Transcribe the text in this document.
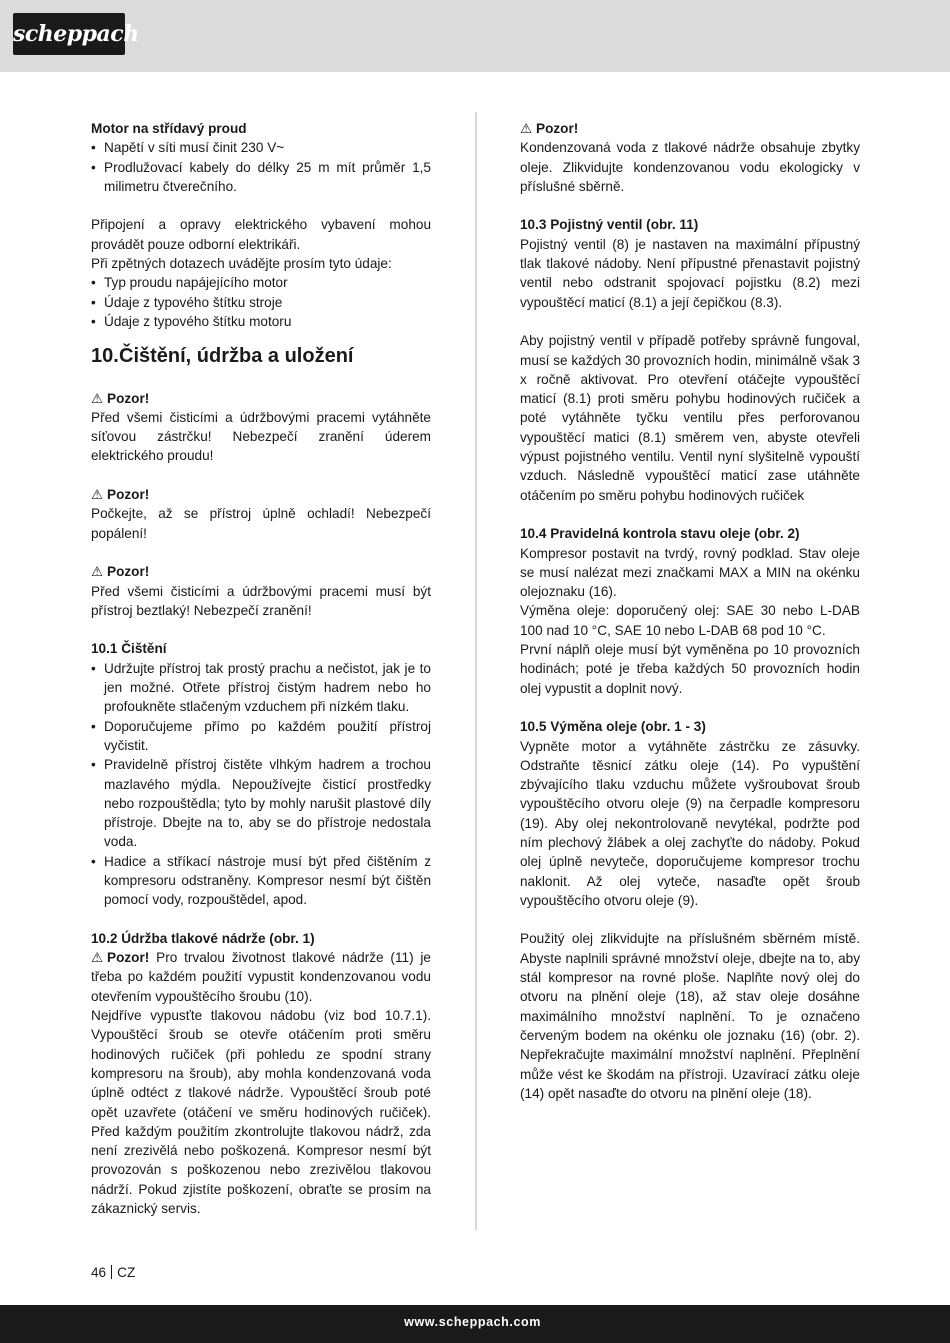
scheppach

Motor na střídavý proud

• Napětí v síti musí činit 230 V~
• Prodlužovací kabely do délky 25 m mít průměr 1,5 milimetru čtverečního.

Připojení a opravy elektrického vybavení mohou provádět pouze odborní elektrikáři.

Při zpětných dotazech uvádějte prosím tyto údaje:

• Typ proudu napájejícího motor
• Údaje z typového štítku stroje
• Údaje z typového štítku motoru
10.Čištění, údržba a uložení

⚠ Pozor!

Před všemi čisticími a údržbovými pracemi vytáhněte síťovou zástrčku! Nebezpečí zranění úderem elektrického proudu!

⚠ Pozor!

Počkejte, až se přístroj úplně ochladí! Nebezpečí popálení!

⚠ Pozor!

Před všemi čisticími a údržbovými pracemi musí být přístroj beztlaký! Nebezpečí zranění!

10.1 Čištění

• Udržujte přístroj tak prostý prachu a nečistot, jak je to jen možné. Otřete přístroj čistým hadrem nebo ho profoukněte stlačeným vzduchem při nízkém tlaku.
• Doporučujeme přímo po každém použití přístroj vyčistit.
• Pravidelně přístroj čistěte vlhkým hadrem a trochou mazlavého mýdla. Nepoužívejte čisticí prostředky nebo rozpouštědla; tyto by mohly narušit plastové díly přístroje. Dbejte na to, aby se do přístroje nedostala voda.
• Hadice a stříkací nástroje musí být před čištěním z kompresoru odstraněny. Kompresor nesmí být čištěn pomocí vody, rozpouštědel, apod.

10.2 Údržba tlakové nádrže (obr. 1)

⚠ Pozor! Pro trvalou životnost tlakové nádrže (11) je třeba po každém použití vypustit kondenzovanou vodu otevřením vypouštěcího šroubu (10).

Nejdříve vypusťte tlakovou nádobu (viz bod 10.7.1). Vypouštěcí šroub se otevře otáčením proti směru hodinových ručiček (při pohledu ze spodní strany kompresoru na šroub), aby mohla kondenzovaná voda úplně odtéct z tlakové nádrže. Vypouštěcí šroub poté opět uzavřete (otáčení ve směru hodinových ručiček). Před každým použitím zkontrolujte tlakovou nádrž, zda není zrezivělá nebo poškozená. Kompresor nesmí být provozován s poškozenou nebo zrezivělou tlakovou nádrží. Pokud zjistíte poškození, obraťte se prosím na zákaznický servis.

⚠ Pozor!

Kondenzovaná voda z tlakové nádrže obsahuje zbytky oleje. Zlikvidujte kondenzovanou vodu ekologicky v příslušné sběrně.

10.3 Pojistný ventil (obr. 11)

Pojistný ventil (8) je nastaven na maximální přípustný tlak tlakové nádoby. Není přípustné přenastavit pojistný ventil nebo odstranit spojovací pojistku (8.2) mezi vypouštěcí maticí (8.1) a její čepičkou (8.3).

Aby pojistný ventil v případě potřeby správně fungoval, musí se každých 30 provozních hodin, minimálně však 3 x ročně aktivovat. Pro otevření otáčejte vypouštěcí maticí (8.1) proti směru pohybu hodinových ručiček a poté vytáhněte tyčku ventilu přes perforovanou vypouštěcí matici (8.1) směrem ven, abyste otevřeli výpust pojistného ventilu. Ventil nyní slyšitelně vypouští vzduch. Následně vypouštěcí maticí zase utáhněte otáčením po směru pohybu hodinových ručiček

10.4 Pravidelná kontrola stavu oleje (obr. 2)

Kompresor postavit na tvrdý, rovný podklad. Stav oleje se musí nalézat mezi značkami MAX a MIN na okénku olejoznaku (16).

Výměna oleje: doporučený olej: SAE 30 nebo L-DAB 100 nad 10 °C, SAE 10 nebo L-DAB 68 pod 10 °C.

První náplň oleje musí být vyměněna po 10 provozních hodinách; poté je třeba každých 50 provozních hodin olej vypustit a doplnit nový.

10.5 Výměna oleje (obr. 1 - 3)

Vypněte motor a vytáhněte zástrčku ze zásuvky. Odstraňte těsnicí zátku oleje (14). Po vypuštění zbývajícího tlaku vzduchu můžete vyšroubovat šroub vypouštěcího otvoru oleje (9) na čerpadle kompresoru (19). Aby olej nekontrolovaně nevytékal, podržte pod ním plechový žlábek a olej zachyťte do nádoby. Pokud olej úplně nevyteče, doporučujeme kompresor trochu naklonit. Až olej vyteče, nasaďte opět šroub vypouštěcího otvoru oleje (9).

Použitý olej zlikvidujte na příslušném sběrném místě. Abyste naplnili správné množství oleje, dbejte na to, aby stál kompresor na rovné ploše. Naplňte nový olej do otvoru na plnění oleje (18), až stav oleje dosáhne maximálního množství naplnění. To je označeno červeným bodem na okénku ole joznaku (16) (obr. 2). Nepřekračujte maximální množství naplnění. Přeplnění může vést ke škodám na přístroji. Uzavírací zátku oleje (14) opět nasaďte do otvoru na plnění oleje (18).

46 CZ
www.scheppach.com
